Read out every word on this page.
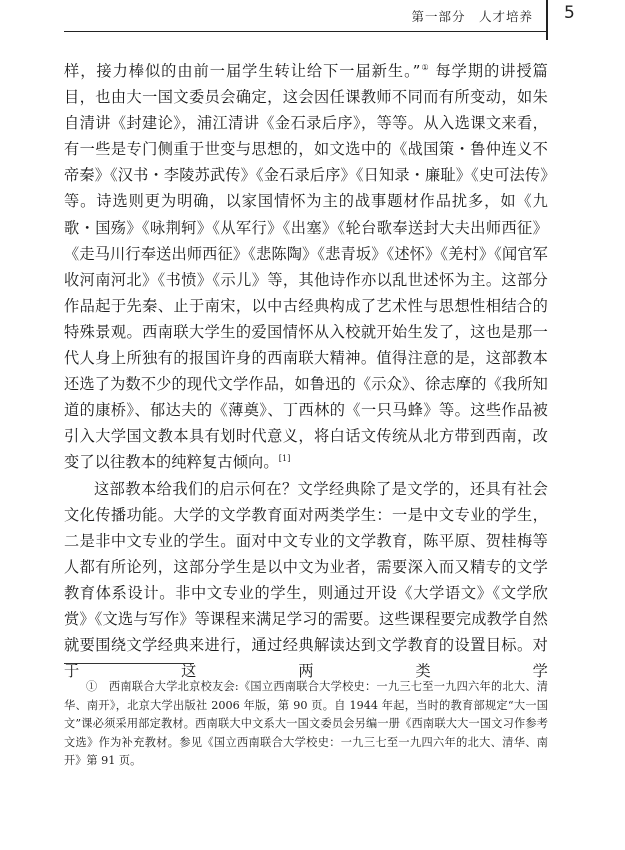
第一部分　人才培养 5

样，接力棒似的由前一届学生转让给下一届新生。”① 每学期的讲授篇目，也由大一国文委员会确定，这会因任课教师不同而有所变动，如朱自清讲《封建论》，浦江清讲《金石录后序》，等等。从入选课文来看，有一些是专门侧重于世变与思想的，如文选中的《战国策・鲁仲连义不帝秦》《汉书・李陵苏武传》《金石录后序》《日知录・廉耻》《史可法传》等。诗选则更为明确，以家国情怀为主的战事题材作品扰多，如《九歌・国殇》《咏荆轲》《从军行》《出塞》《轮台歌奉送封大夫出师西征》《走马川行奉送出师西征》《悲陈陶》《悲青坂》《述怀》《羌村》《闻官军收河南河北》《书愤》《示儿》等，其他诗作亦以乱世述怀为主。这部分作品起于先秦、止于南宋，以中古经典构成了艺术性与思想性相结合的特殊景观。西南联大学生的爱国情怀从入校就开始生发了，这也是那一代人身上所独有的报国许身的西南联大精神。值得注意的是，这部教本还选了为数不少的现代文学作品，如鲁迅的《示众》、徐志摩的《我所知道的康桥》、郁达夫的《薄奠》、丁西林的《一只马蜂》等。这些作品被引入大学国文教本具有划时代意义，将白话文传统从北方带到西南，改变了以往教本的纯粹复古倾向。[1]

这部教本给我们的启示何在？文学经典除了是文学的，还具有社会文化传播功能。大学的文学教育面对两类学生：一是中文专业的学生，二是非中文专业的学生。面对中文专业的文学教育，陈平原、贺桂梅等人都有所论列，这部分学生是以中文为业者，需要深入而又精专的文学教育体系设计。非中文专业的学生，则通过开设《大学语文》《文学欣赏》《文选与写作》等课程来满足学习的需要。这些课程要完成教学自然就要围绕文学经典来进行，通过经典解读达到文学教育的设置目标。对于这两类学

①　西南联合大学北京校友会:《国立西南联合大学校史：一九三七至一九四六年的北大、清华、南开》，北京大学出版社 2006 年版，第 90 页。自 1944 年起，当时的教育部规定“大一国文”课必须采用部定教材。西南联大中文系大一国文委员会另编一册《西南联大大一国文习作参考文选》作为补充教材。参见《国立西南联合大学校史：一九三七至一九四六年的北大、清华、南开》第 91 页。
